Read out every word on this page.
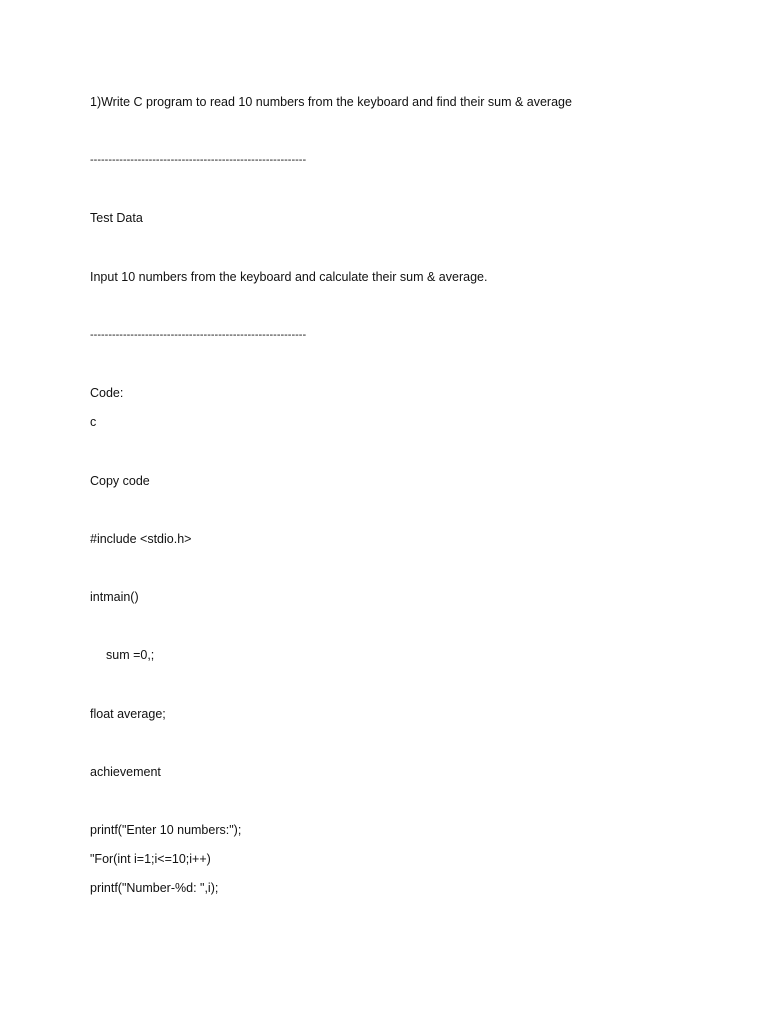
1)Write C program to read 10 numbers from the keyboard and find their sum & average
-----------------------------------------------------------
Test Data
Input 10 numbers from the keyboard and calculate their sum & average.
-----------------------------------------------------------
Code:
c
Copy code
#include <stdio.h>
intmain()
sum =0,;
float average;
achievement
printf("Enter 10 numbers:");
"For(int i=1;i<=10;i++)
printf("Number-%d: ",i);
